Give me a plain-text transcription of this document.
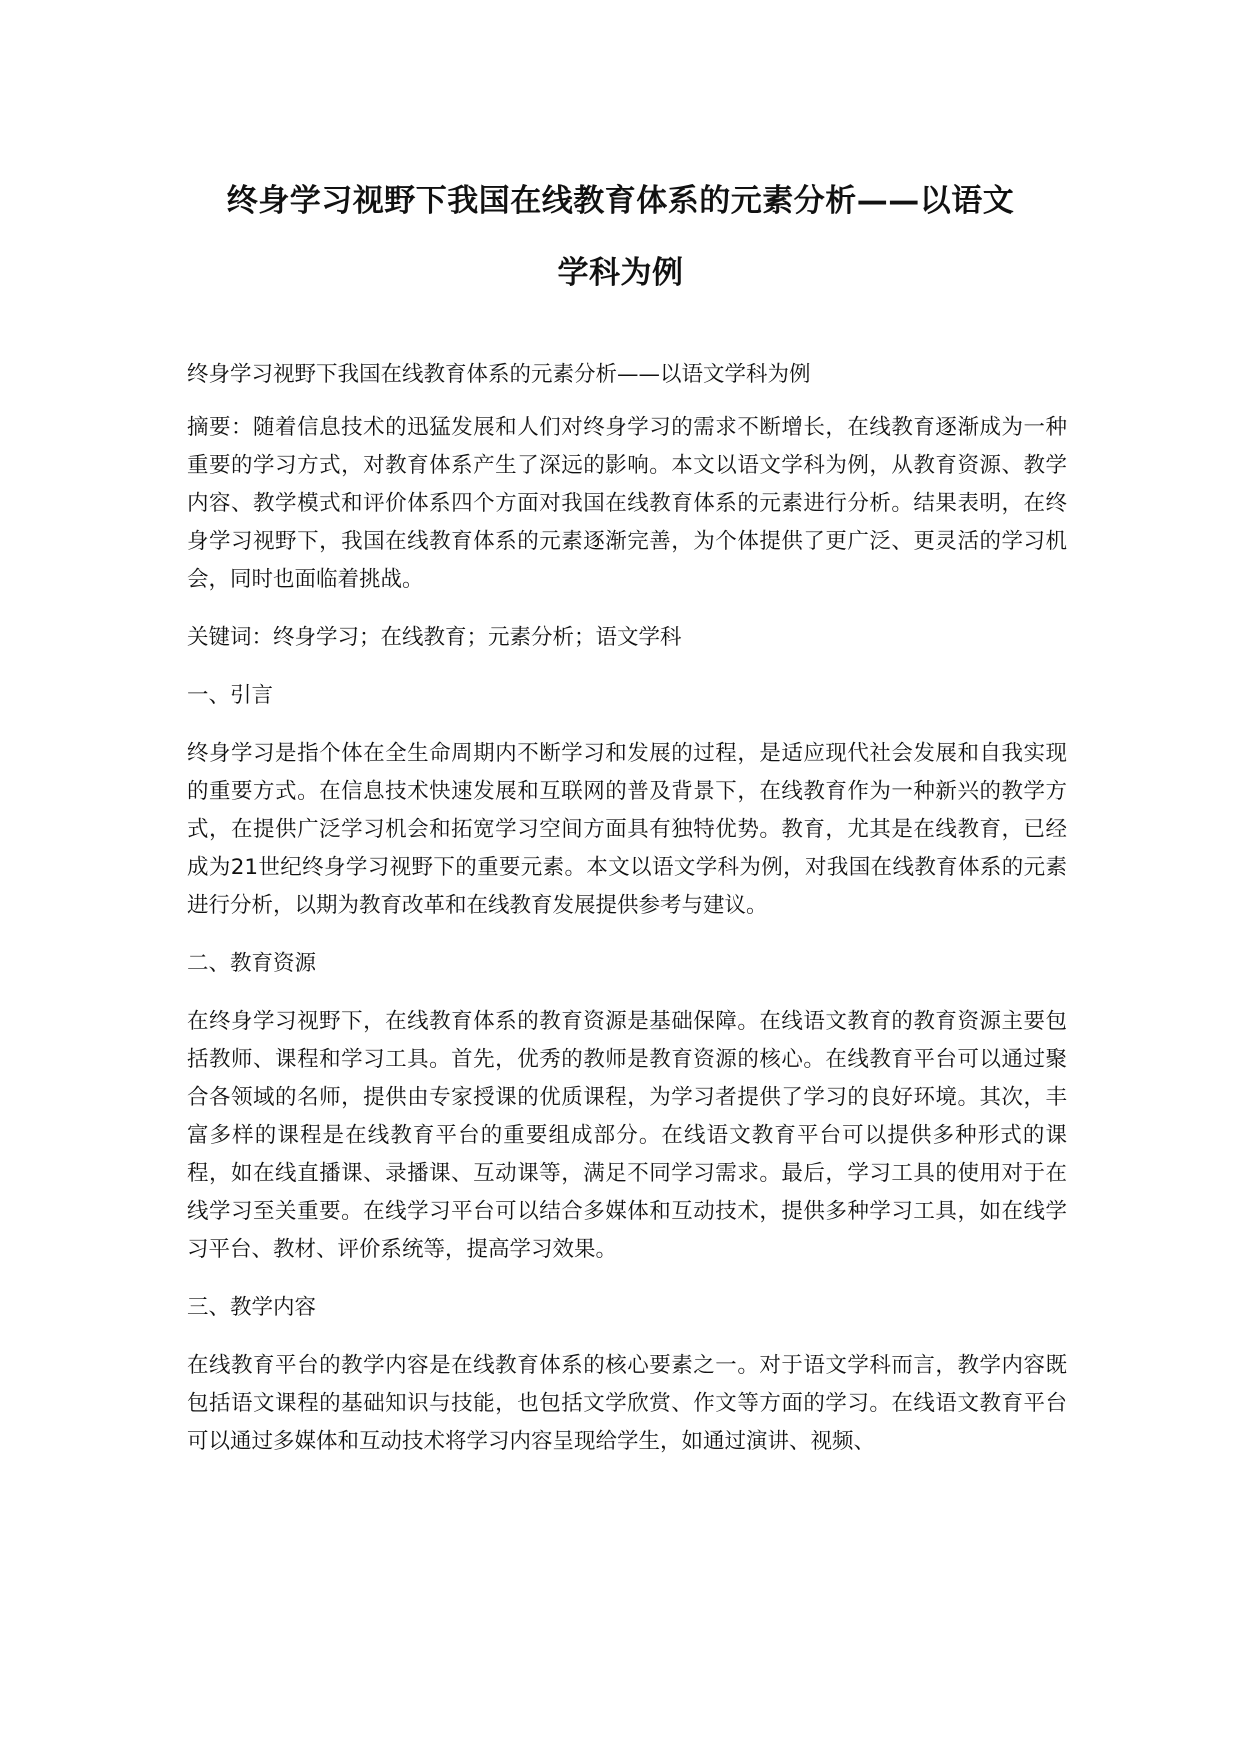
终身学习视野下我国在线教育体系的元素分析——以语文
学科为例

终身学习视野下我国在线教育体系的元素分析——以语文学科为例

摘要：随着信息技术的迅猛发展和人们对终身学习的需求不断增长，在线教育逐渐成为一种重要的学习方式，对教育体系产生了深远的影响。本文以语文学科为例，从教育资源、教学内容、教学模式和评价体系四个方面对我国在线教育体系的元素进行分析。结果表明，在终身学习视野下，我国在线教育体系的元素逐渐完善，为个体提供了更广泛、更灵活的学习机会，同时也面临着挑战。

关键词：终身学习；在线教育；元素分析；语文学科

一、引言

终身学习是指个体在全生命周期内不断学习和发展的过程，是适应现代社会发展和自我实现的重要方式。在信息技术快速发展和互联网的普及背景下，在线教育作为一种新兴的教学方式，在提供广泛学习机会和拓宽学习空间方面具有独特优势。教育，尤其是在线教育，已经成为21世纪终身学习视野下的重要元素。本文以语文学科为例，对我国在线教育体系的元素进行分析，以期为教育改革和在线教育发展提供参考与建议。

二、教育资源

在终身学习视野下，在线教育体系的教育资源是基础保障。在线语文教育的教育资源主要包括教师、课程和学习工具。首先，优秀的教师是教育资源的核心。在线教育平台可以通过聚合各领域的名师，提供由专家授课的优质课程，为学习者提供了学习的良好环境。其次，丰富多样的课程是在线教育平台的重要组成部分。在线语文教育平台可以提供多种形式的课程，如在线直播课、录播课、互动课等，满足不同学习需求。最后，学习工具的使用对于在线学习至关重要。在线学习平台可以结合多媒体和互动技术，提供多种学习工具，如在线学习平台、教材、评价系统等，提高学习效果。

三、教学内容

在线教育平台的教学内容是在线教育体系的核心要素之一。对于语文学科而言，教学内容既包括语文课程的基础知识与技能，也包括文学欣赏、作文等方面的学习。在线语文教育平台可以通过多媒体和互动技术将学习内容呈现给学生，如通过演讲、视频、
